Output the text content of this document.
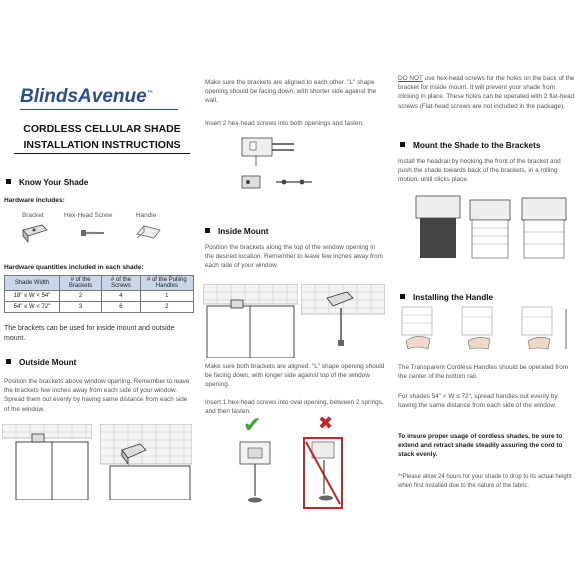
BlindsAvenue™
CORDLESS CELLULAR SHADE
INSTALLATION INSTRUCTIONS
Know Your Shade
Hardware includes:
Bracket	Hex-Head Screw	Handle
Hardware quantities included in each shade:
Shade Width	# of the Brackets	# of the Screws	# of the Pulling Handles
18" ≤ W < 54"	2	4	1
54" ≤ W < 72"	3	6	2
The brackets can be used for inside mount and outside mount.
Outside Mount
Position the brackets above window opening. Remember to leave the brackets few inches away from each side of your window. Spread them out evenly by having same distance from each side of the window.
Make sure the brackets are aligned to each other. "L" shape opening should be facing down, with shorter side against the wall.
Insert 2 hex-head screws into both openings and fasten.
Inside Mount
Position the brackets along the top of the window opening in the desired location. Remember to leave few inches away from each side of your window.
Make sure both brackets are aligned. "L" shape opening should be facing down, with longer side against top of the window opening.
Insert 1 hex-head screws into oval opening, between 2 springs, and then fasten.
✔	✖
DO NOT use hex-head screws for the holes on the back of the bracket for inside mount. It will prevent your shade from clicking in place. These holes can be operated with 2 flat-head screws (Flat-head screws are not included in the package).
Mount the Shade to the Brackets
Install the headrail by hooking the front of the bracket and push the shade towards back of the brackets, in a rolling motion, until clicks place.
Installing the Handle
The Transparent Cordless Handles should be operated from the center of the bottom rail.
For shades 54" < W ≤ 72", spread handles out evenly by having the same distance from each side of the window.
To insure proper usage of cordless shades, be sure to extend and retract shade steadily assuring the cord to stack evenly.
**Please allow 24 hours for your shade to drop to its actual height when first installed due to the nature of the fabric.
